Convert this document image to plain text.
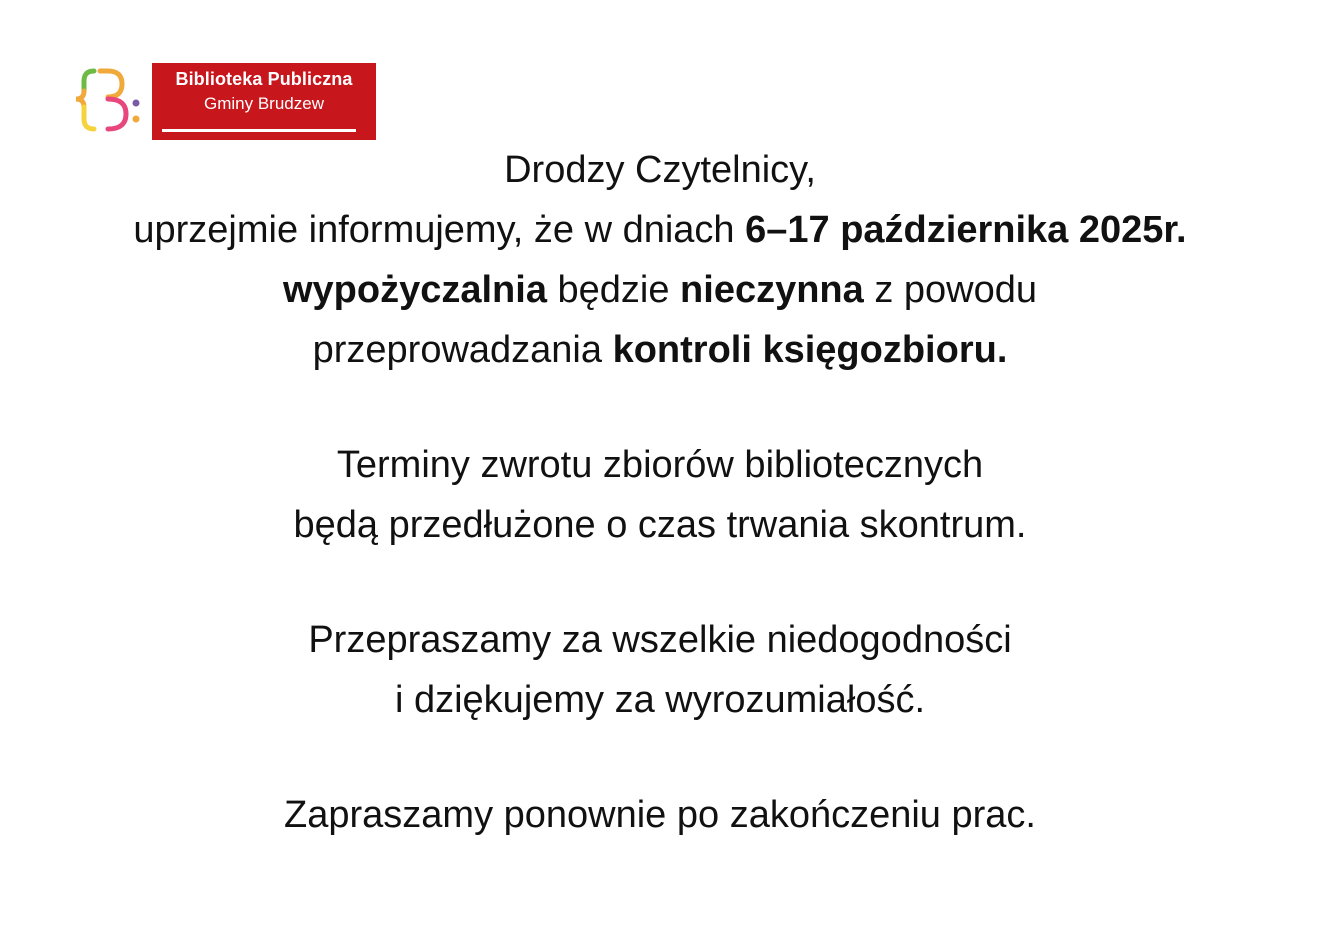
Biblioteka Publiczna
Gminy Brudzew
Drodzy Czytelnicy,
uprzejmie informujemy, że w dniach 6–17 października 2025r.
wypożyczalnia będzie nieczynna z powodu
przeprowadzania kontroli księgozbioru.
Terminy zwrotu zbiorów bibliotecznych
będą przedłużone o czas trwania skontrum.
Przepraszamy za wszelkie niedogodności
i dziękujemy za wyrozumiałość.
Zapraszamy ponownie po zakończeniu prac.
